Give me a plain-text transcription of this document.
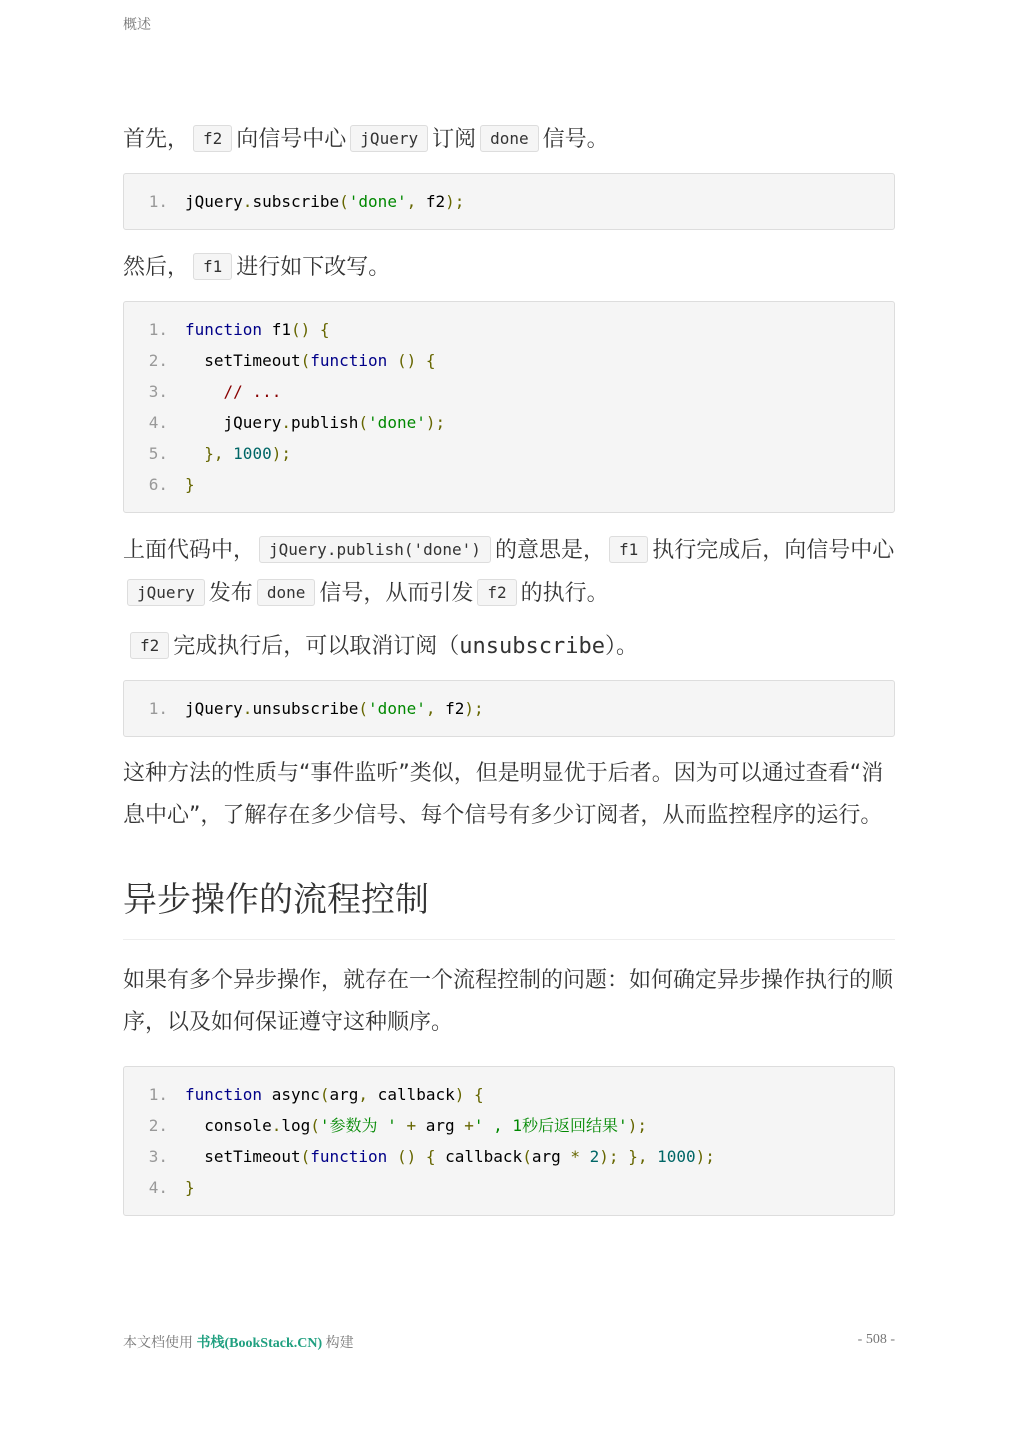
概述

首先， f2 向信号中心 jQuery 订阅 done 信号。

1. jQuery.subscribe('done', f2);

然后， f1 进行如下改写。

1. function f1() {
2.  setTimeout(function () {
3.	// ...
4.    jQuery.publish('done');
5. }, 1000);
6. }

上面代码中， jQuery.publish('done') 的意思是， f1 执行完成后，向信号中心jQuery 发布 done 信号，从而引发 f2 的执行。

f2 完成执行后，可以取消订阅（unsubscribe）。

1. jQuery.unsubscribe('done', f2);

这种方法的性质与“事件监听”类似，但是明显优于后者。因为可以通过查看“消息中心”，了解存在多少信号、每个信号有多少订阅者，从而监控程序的运行。

异步操作的流程控制

如果有多个异步操作，就存在一个流程控制的问题：如何确定异步操作执行的顺序，以及如何保证遵守这种顺序。

1. function async(arg, callback) {
2.  console.log('参数为 ' + arg +' , 1秒后返回结果');
3.  setTimeout(function () { callback(arg * 2); }, 1000);
4. }
本文档使用 书栈(BookStack.CN) 构建	- 508 -
